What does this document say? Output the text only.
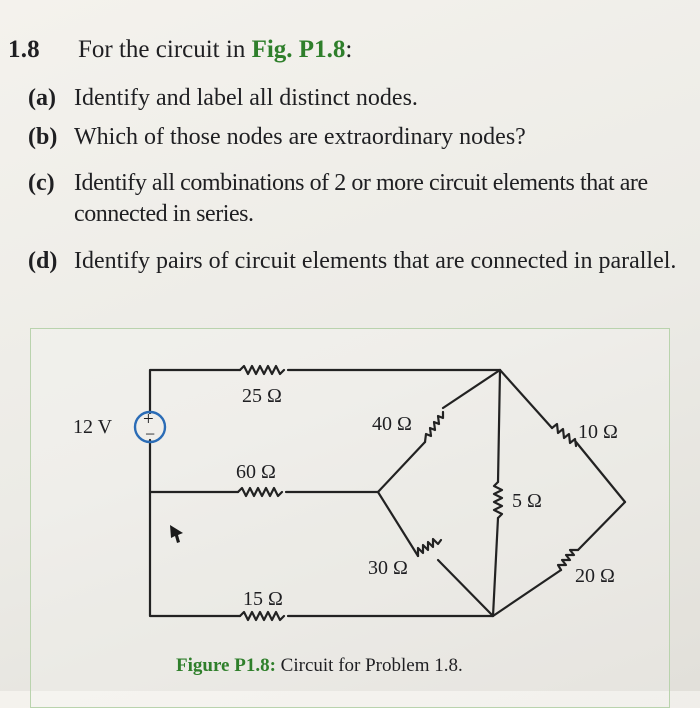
1.8 For the circuit in Fig. P1.8:
(a) Identify and label all distinct nodes.
(b) Which of those nodes are extraordinary nodes?
(c) Identify all combinations of 2 or more circuit elements that are connected in series.
(d) Identify pairs of circuit elements that are connected in parallel.
+
−
12 V
25 Ω
60 Ω
15 Ω
40 Ω
30 Ω
5 Ω
10 Ω
20 Ω
Figure P1.8: Circuit for Problem 1.8.
